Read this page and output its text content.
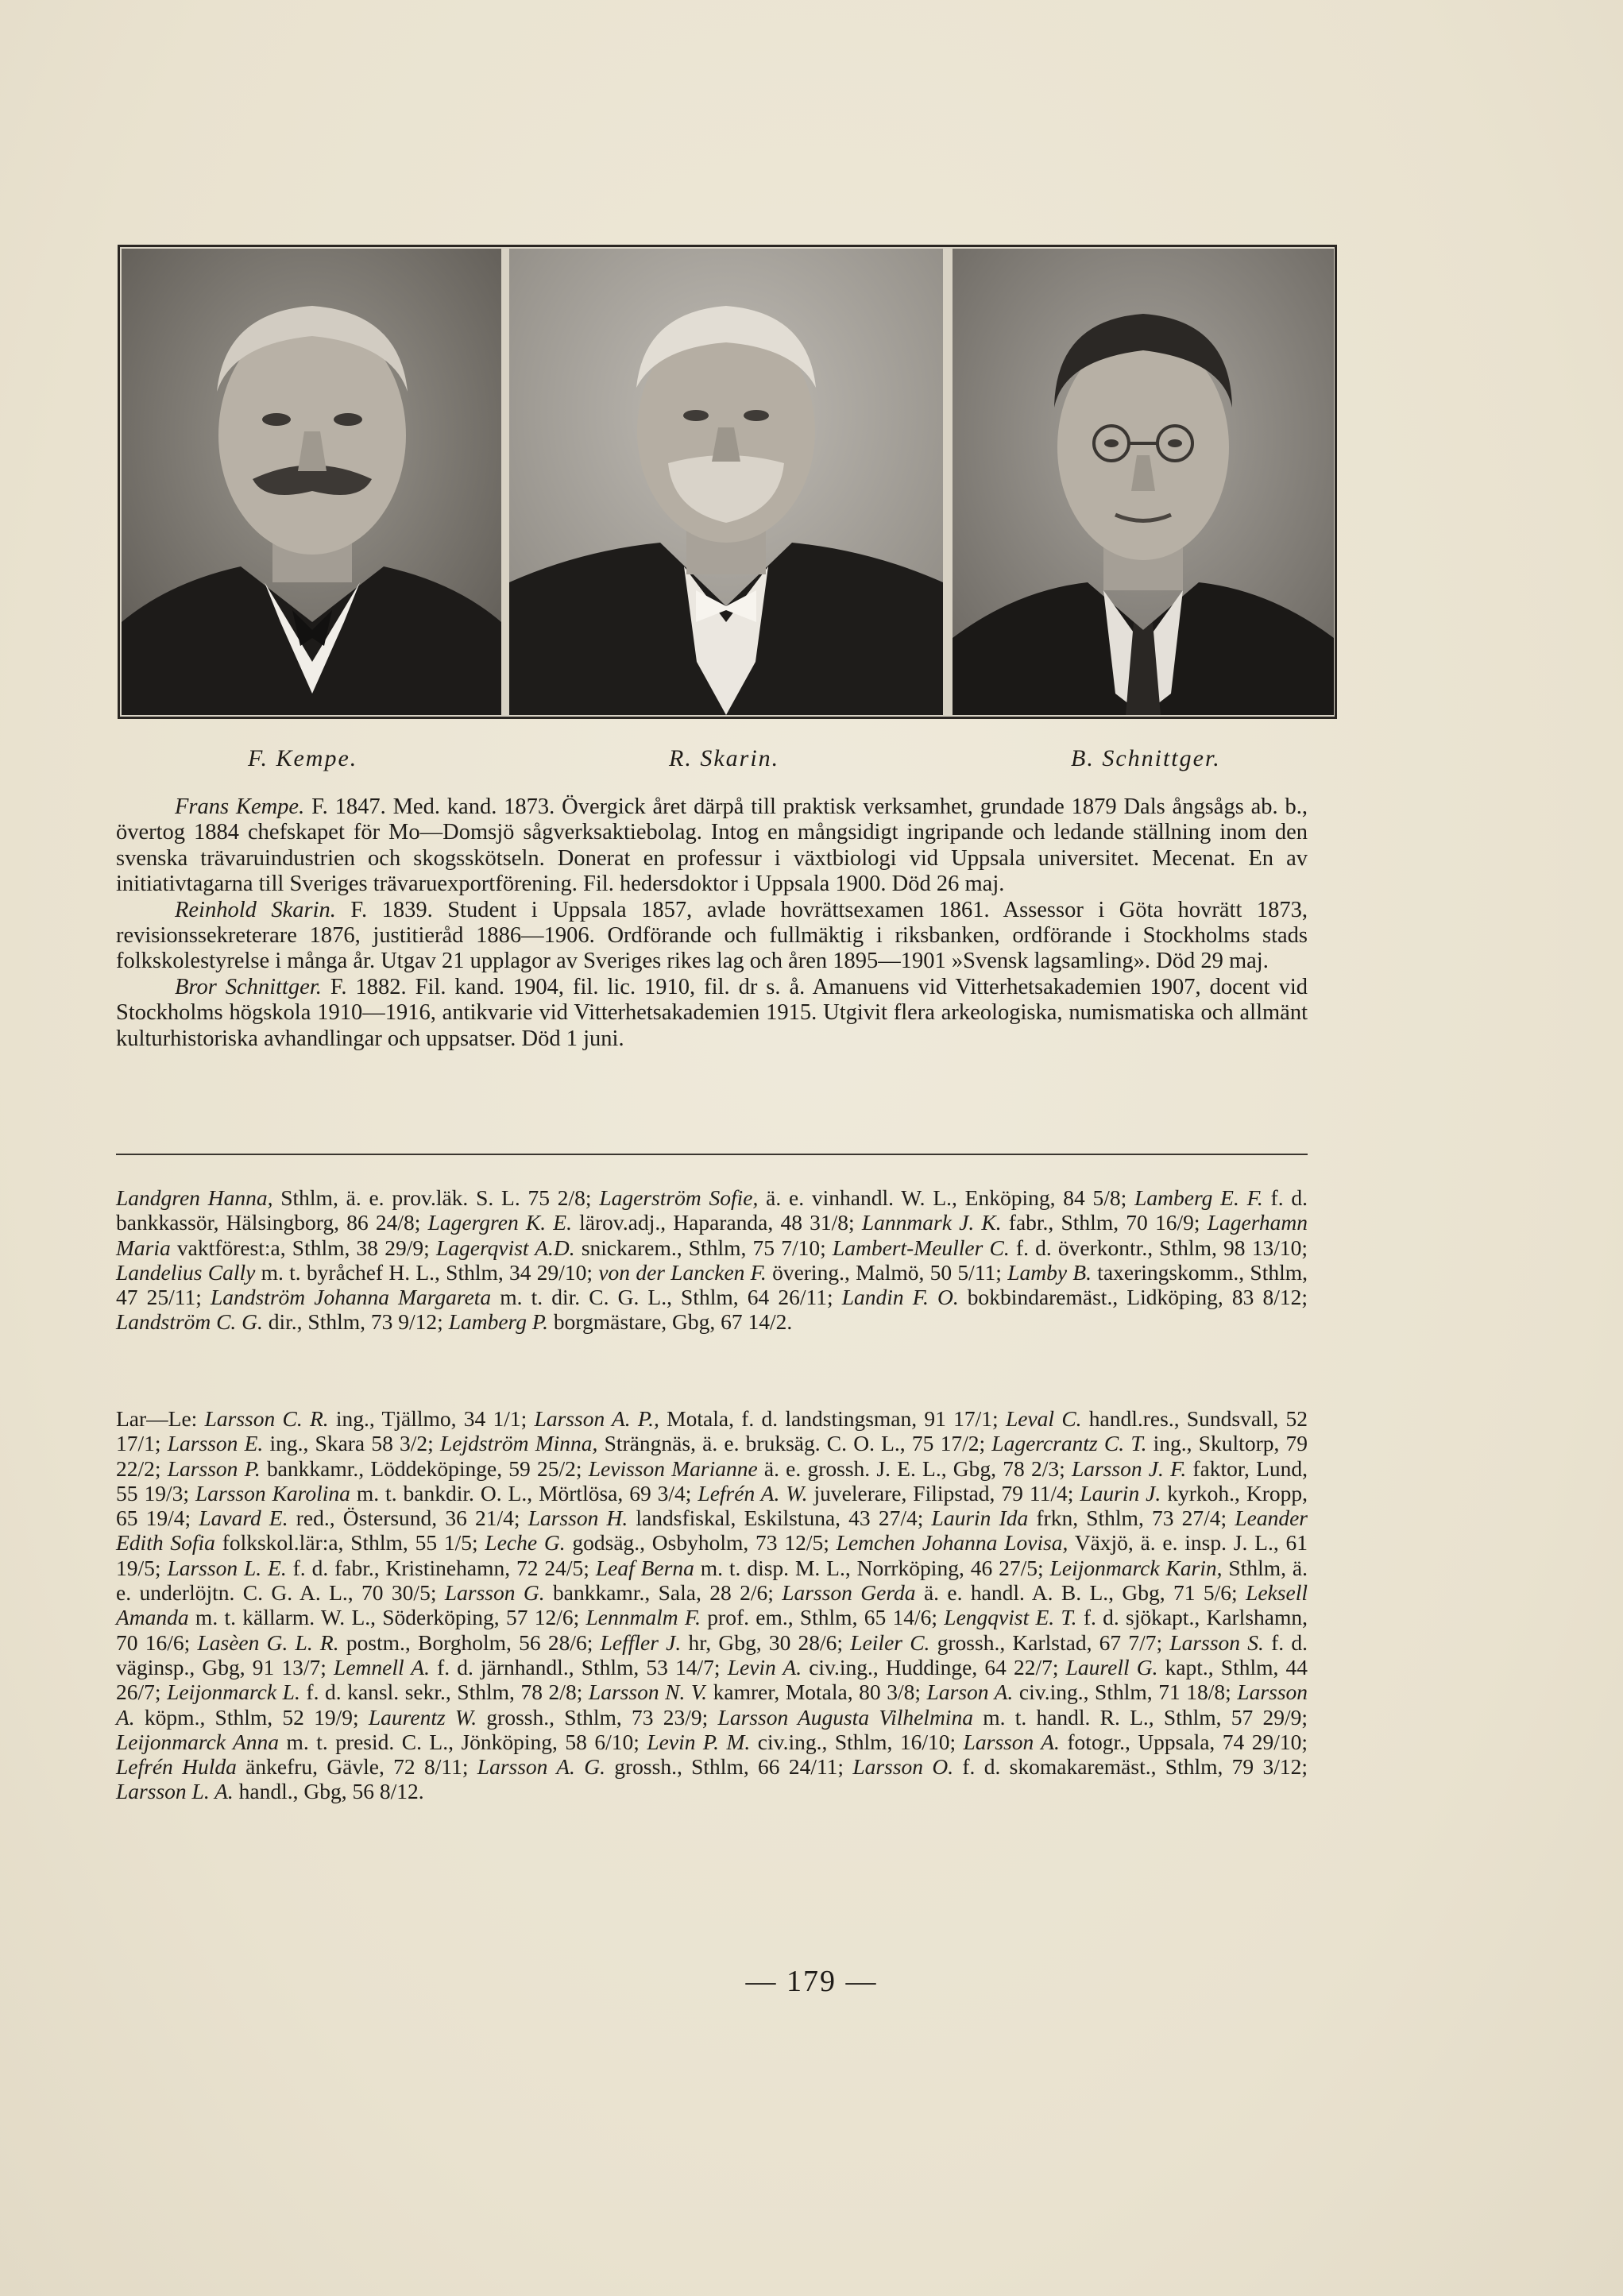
F. Kempe.	R. Skarin.	B. Schnittger.

Frans Kempe. F. 1847. Med. kand. 1873. Övergick året därpå till praktisk verksamhet, grundade 1879 Dals ångsågs ab. b., övertog 1884 chefskapet för Mo—Domsjö sågverksaktiebolag. Intog en mångsidigt ingripande och ledande ställning inom den svenska trävaruindustrien och skogsskötseln. Donerat en professur i växtbiologi vid Uppsala universitet. Mecenat. En av initiativtagarna till Sveriges trävaruexportförening. Fil. hedersdoktor i Uppsala 1900. Död 26 maj.

Reinhold Skarin. F. 1839. Student i Uppsala 1857, avlade hovrättsexamen 1861. Assessor i Göta hovrätt 1873, revisionssekreterare 1876, justitieråd 1886—1906. Ordförande och fullmäktig i riksbanken, ordförande i Stockholms stads folkskolestyrelse i många år. Utgav 21 upplagor av Sveriges rikes lag och åren 1895—1901 »Svensk lagsamling». Död 29 maj.

Bror Schnittger. F. 1882. Fil. kand. 1904, fil. lic. 1910, fil. dr s. å. Amanuens vid Vitterhetsakademien 1907, docent vid Stockholms högskola 1910—1916, antikvarie vid Vitterhetsakademien 1915. Utgivit flera arkeologiska, numismatiska och allmänt kulturhistoriska avhandlingar och uppsatser. Död 1 juni.

Landgren Hanna, Sthlm, ä. e. prov.läk. S. L. 75 2/8; Lagerström Sofie, ä. e. vinhandl. W. L., Enköping, 84 5/8; Lamberg E. F. f. d. bankkassör, Hälsingborg, 86 24/8; Lagergren K. E. lärov.adj., Haparanda, 48 31/8; Lannmark J. K. fabr., Sthlm, 70 16/9; Lagerhamn Maria vaktförest:a, Sthlm, 38 29/9; Lagerqvist A.D. snickarem., Sthlm, 75 7/10; Lambert-Meuller C. f. d. överkontr., Sthlm, 98 13/10; Landelius Cally m. t. byråchef H. L., Sthlm, 34 29/10; von der Lancken F. övering., Malmö, 50 5/11; Lamby B. taxeringskomm., Sthlm, 47 25/11; Landström Johanna Margareta m. t. dir. C. G. L., Sthlm, 64 26/11; Landin F. O. bokbindaremäst., Lidköping, 83 8/12; Landström C. G. dir., Sthlm, 73 9/12; Lamberg P. borgmästare, Gbg, 67 14/2.

Lar—Le: Larsson C. R. ing., Tjällmo, 34 1/1; Larsson A. P., Motala, f. d. landstingsman, 91 17/1; Leval C. handl.res., Sundsvall, 52 17/1; Larsson E. ing., Skara 58 3/2; Lejdström Minna, Strängnäs, ä. e. bruksäg. C. O. L., 75 17/2; Lagercrantz C. T. ing., Skultorp, 79 22/2; Larsson P. bankkamr., Löddeköpinge, 59 25/2; Levisson Marianne ä. e. grossh. J. E. L., Gbg, 78 2/3; Larsson J. F. faktor, Lund, 55 19/3; Larsson Karolina m. t. bankdir. O. L., Mörtlösa, 69 3/4; Lefrén A. W. juvelerare, Filipstad, 79 11/4; Laurin J. kyrkoh., Kropp, 65 19/4; Lavard E. red., Östersund, 36 21/4; Larsson H. landsfiskal, Eskilstuna, 43 27/4; Laurin Ida frkn, Sthlm, 73 27/4; Leander Edith Sofia folkskol.lär:a, Sthlm, 55 1/5; Leche G. godsäg., Osbyholm, 73 12/5; Lemchen Johanna Lovisa, Växjö, ä. e. insp. J. L., 61 19/5; Larsson L. E. f. d. fabr., Kristinehamn, 72 24/5; Leaf Berna m. t. disp. M. L., Norrköping, 46 27/5; Leijonmarck Karin, Sthlm, ä. e. underlöjtn. C. G. A. L., 70 30/5; Larsson G. bankkamr., Sala, 28 2/6; Larsson Gerda ä. e. handl. A. B. L., Gbg, 71 5/6; Leksell Amanda m. t. källarm. W. L., Söderköping, 57 12/6; Lennmalm F. prof. em., Sthlm, 65 14/6; Lengqvist E. T. f. d. sjökapt., Karlshamn, 70 16/6; Lasèen G. L. R. postm., Borgholm, 56 28/6; Leffler J. hr, Gbg, 30 28/6; Leiler C. grossh., Karlstad, 67 7/7; Larsson S. f. d. väginsp., Gbg, 91 13/7; Lemnell A. f. d. järnhandl., Sthlm, 53 14/7; Levin A. civ.ing., Huddinge, 64 22/7; Laurell G. kapt., Sthlm, 44 26/7; Leijonmarck L. f. d. kansl. sekr., Sthlm, 78 2/8; Larsson N. V. kamrer, Motala, 80 3/8; Larson A. civ.ing., Sthlm, 71 18/8; Larsson A. köpm., Sthlm, 52 19/9; Laurentz W. grossh., Sthlm, 73 23/9; Larsson Augusta Vilhelmina m. t. handl. R. L., Sthlm, 57 29/9; Leijonmarck Anna m. t. presid. C. L., Jönköping, 58 6/10; Levin P. M. civ.ing., Sthlm, 16/10; Larsson A. fotogr., Uppsala, 74 29/10; Lefrén Hulda änkefru, Gävle, 72 8/11; Larsson A. G. grossh., Sthlm, 66 24/11; Larsson O. f. d. skomakaremäst., Sthlm, 79 3/12; Larsson L. A. handl., Gbg, 56 8/12.

— 179 —
